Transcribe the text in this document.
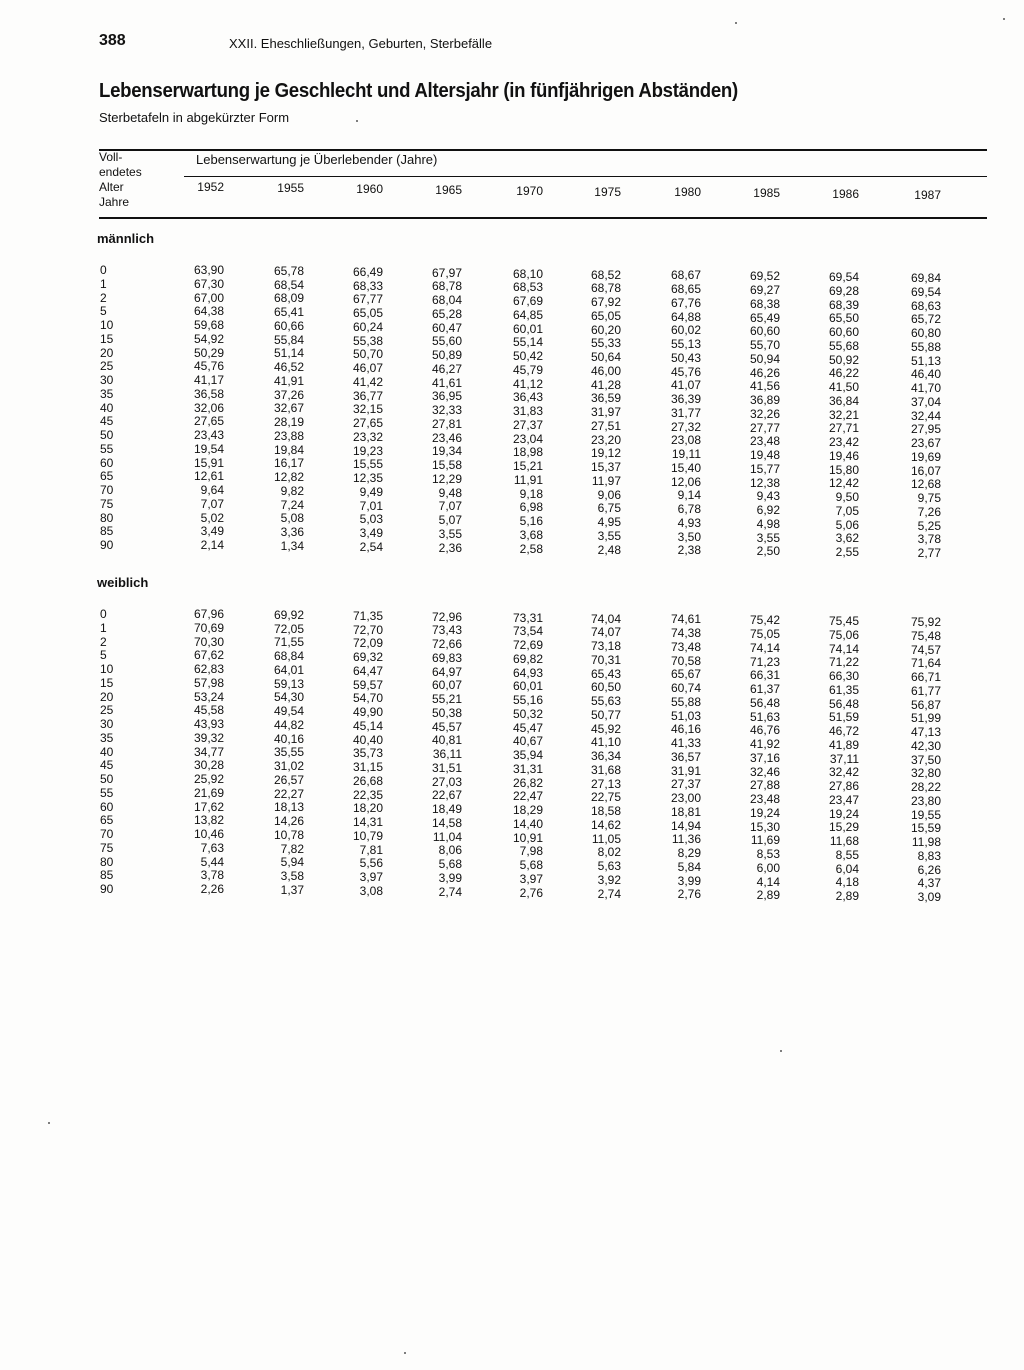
388	XXII. Eheschließungen, Geburten, Sterbefälle
Lebenserwartung je Geschlecht und Altersjahr (in fünfjährigen Abständen)
Sterbetafeln in abgekürzter Form
Voll-
endetes
Alter
Jahre
Lebenserwartung je Überlebender (Jahre)
1952	1955	1960	1965	1970	1975	1980	1985	1986	1987
männlich
0	63,90	65,78	66,49	67,97	68,10	68,52	68,67	69,52	69,54	69,84
1	67,30	68,54	68,33	68,78	68,53	68,78	68,65	69,27	69,28	69,54
2	67,00	68,09	67,77	68,04	67,69	67,92	67,76	68,38	68,39	68,63
5	64,38	65,41	65,05	65,28	64,85	65,05	64,88	65,49	65,50	65,72
10	59,68	60,66	60,24	60,47	60,01	60,20	60,02	60,60	60,60	60,80
15	54,92	55,84	55,38	55,60	55,14	55,33	55,13	55,70	55,68	55,88
20	50,29	51,14	50,70	50,89	50,42	50,64	50,43	50,94	50,92	51,13
25	45,76	46,52	46,07	46,27	45,79	46,00	45,76	46,26	46,22	46,40
30	41,17	41,91	41,42	41,61	41,12	41,28	41,07	41,56	41,50	41,70
35	36,58	37,26	36,77	36,95	36,43	36,59	36,39	36,89	36,84	37,04
40	32,06	32,67	32,15	32,33	31,83	31,97	31,77	32,26	32,21	32,44
45	27,65	28,19	27,65	27,81	27,37	27,51	27,32	27,77	27,71	27,95
50	23,43	23,88	23,32	23,46	23,04	23,20	23,08	23,48	23,42	23,67
55	19,54	19,84	19,23	19,34	18,98	19,12	19,11	19,48	19,46	19,69
60	15,91	16,17	15,55	15,58	15,21	15,37	15,40	15,77	15,80	16,07
65	12,61	12,82	12,35	12,29	11,91	11,97	12,06	12,38	12,42	12,68
70	9,64	9,82	9,49	9,48	9,18	9,06	9,14	9,43	9,50	9,75
75	7,07	7,24	7,01	7,07	6,98	6,75	6,78	6,92	7,05	7,26
80	5,02	5,08	5,03	5,07	5,16	4,95	4,93	4,98	5,06	5,25
85	3,49	3,36	3,49	3,55	3,68	3,55	3,50	3,55	3,62	3,78
90	2,14	1,34	2,54	2,36	2,58	2,48	2,38	2,50	2,55	2,77
weiblich
0	67,96	69,92	71,35	72,96	73,31	74,04	74,61	75,42	75,45	75,92
1	70,69	72,05	72,70	73,43	73,54	74,07	74,38	75,05	75,06	75,48
2	70,30	71,55	72,09	72,66	72,69	73,18	73,48	74,14	74,14	74,57
5	67,62	68,84	69,32	69,83	69,82	70,31	70,58	71,23	71,22	71,64
10	62,83	64,01	64,47	64,97	64,93	65,43	65,67	66,31	66,30	66,71
15	57,98	59,13	59,57	60,07	60,01	60,50	60,74	61,37	61,35	61,77
20	53,24	54,30	54,70	55,21	55,16	55,63	55,88	56,48	56,48	56,87
25	45,58	49,54	49,90	50,38	50,32	50,77	51,03	51,63	51,59	51,99
30	43,93	44,82	45,14	45,57	45,47	45,92	46,16	46,76	46,72	47,13
35	39,32	40,16	40,40	40,81	40,67	41,10	41,33	41,92	41,89	42,30
40	34,77	35,55	35,73	36,11	35,94	36,34	36,57	37,16	37,11	37,50
45	30,28	31,02	31,15	31,51	31,31	31,68	31,91	32,46	32,42	32,80
50	25,92	26,57	26,68	27,03	26,82	27,13	27,37	27,88	27,86	28,22
55	21,69	22,27	22,35	22,67	22,47	22,75	23,00	23,48	23,47	23,80
60	17,62	18,13	18,20	18,49	18,29	18,58	18,81	19,24	19,24	19,55
65	13,82	14,26	14,31	14,58	14,40	14,62	14,94	15,30	15,29	15,59
70	10,46	10,78	10,79	11,04	10,91	11,05	11,36	11,69	11,68	11,98
75	7,63	7,82	7,81	8,06	7,98	8,02	8,29	8,53	8,55	8,83
80	5,44	5,94	5,56	5,68	5,68	5,63	5,84	6,00	6,04	6,26
85	3,78	3,58	3,97	3,99	3,97	3,92	3,99	4,14	4,18	4,37
90	2,26	1,37	3,08	2,74	2,76	2,74	2,76	2,89	2,89	3,09
